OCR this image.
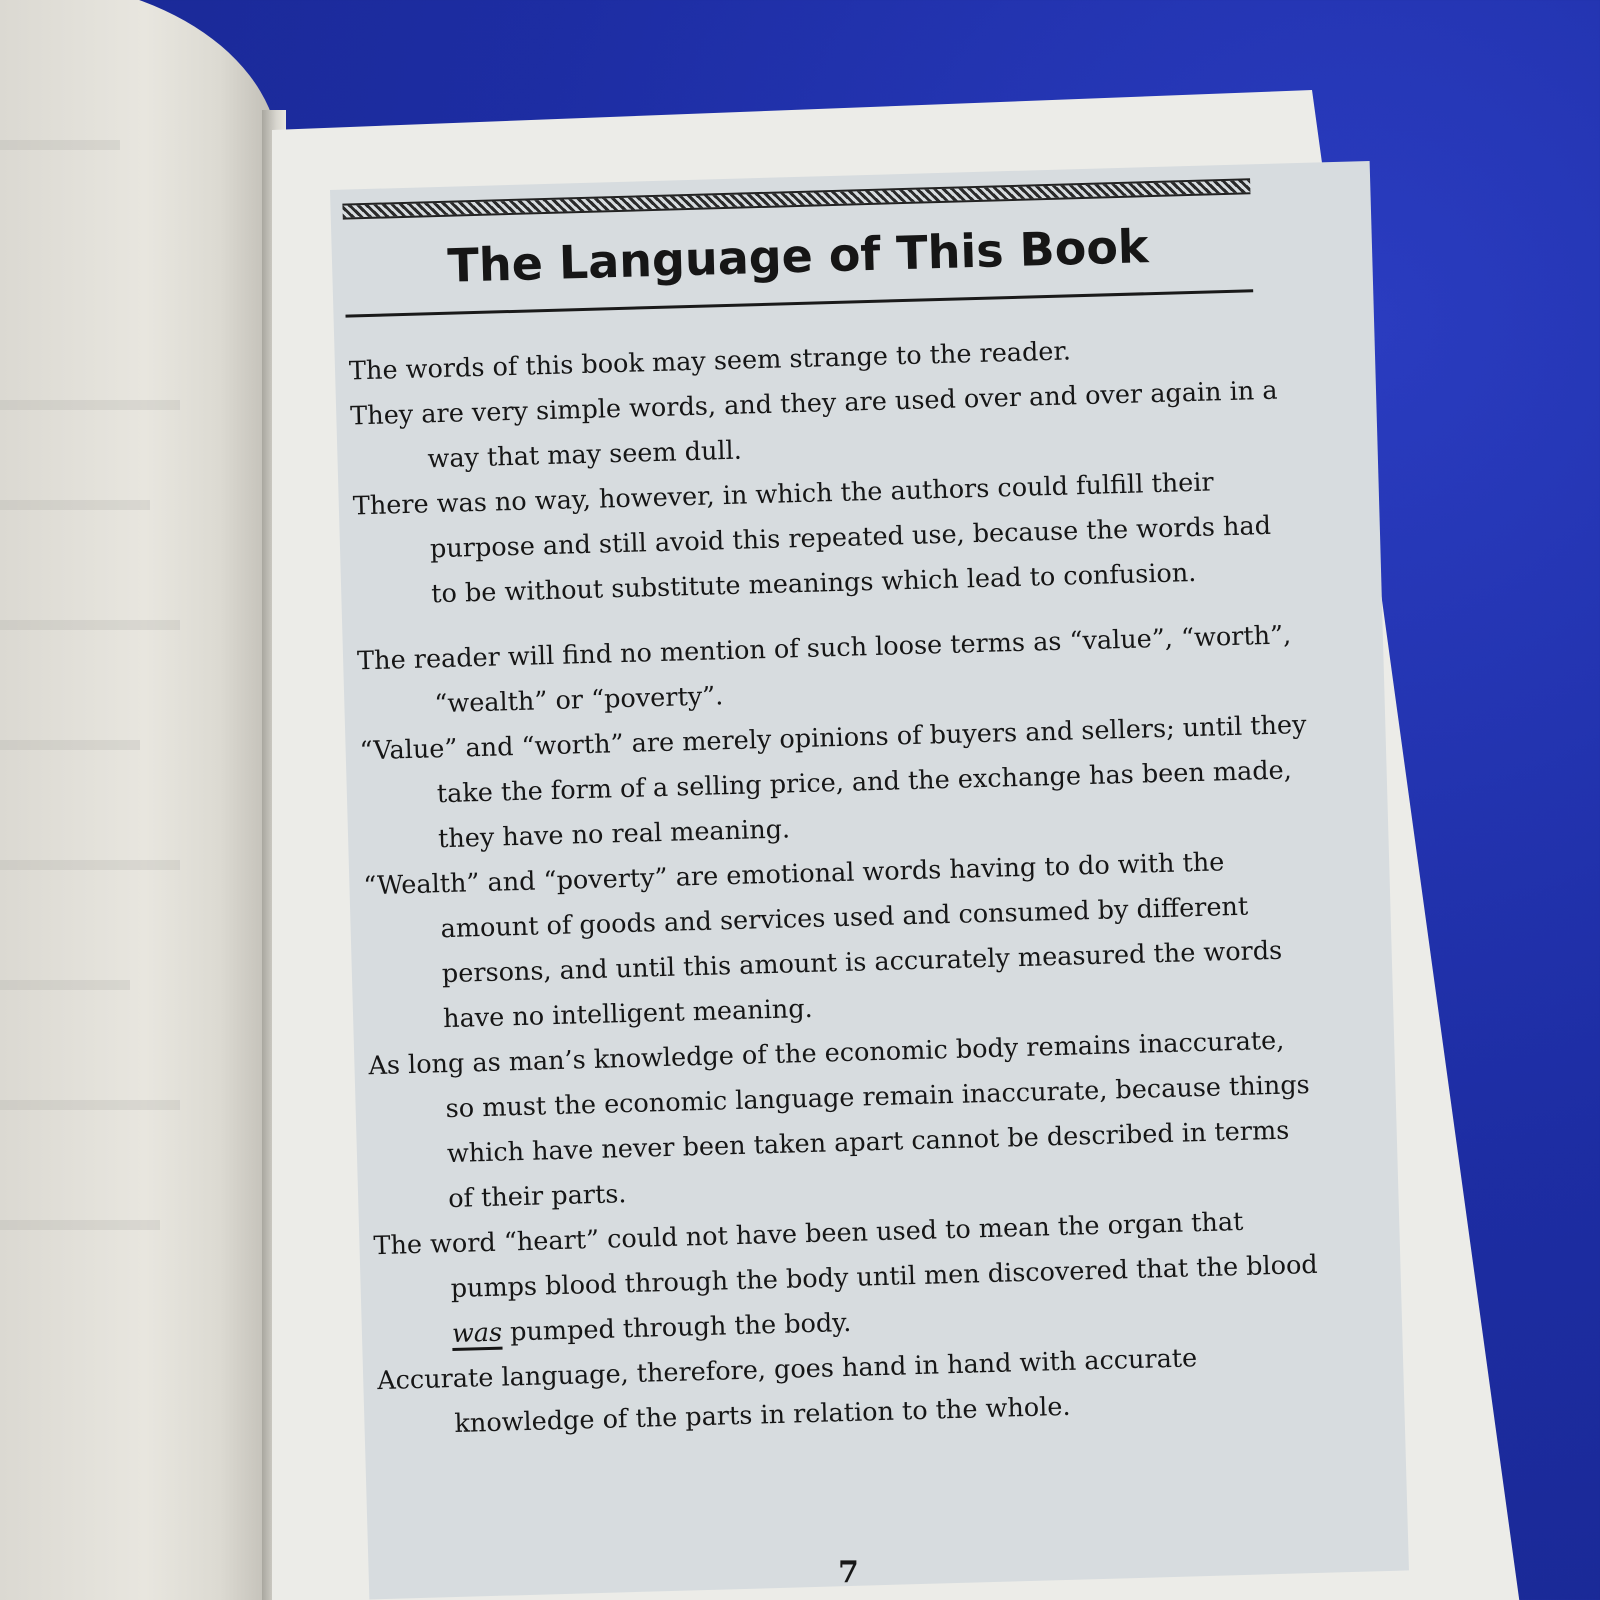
The Language of This Book

The words of this book may seem strange to the reader.

They are very simple words, and they are used over and over again in a way that may seem dull.

There was no way, however, in which the authors could fulfill their purpose and still avoid this repeated use, because the words had to be without substitute meanings which lead to confusion.

The reader will find no mention of such loose terms as “value”, “worth”, “wealth” or “poverty”.

“Value” and “worth” are merely opinions of buyers and sellers; until they take the form of a selling price, and the exchange has been made, they have no real meaning.

“Wealth” and “poverty” are emotional words having to do with the amount of goods and services used and consumed by different persons, and until this amount is accurately measured the words have no intelligent meaning.

As long as man’s knowledge of the economic body remains inaccurate, so must the economic language remain inaccurate, because things which have never been taken apart cannot be described in terms of their parts.

The word “heart” could not have been used to mean the organ that pumps blood through the body until men discovered that the blood was pumped through the body.

Accurate language, therefore, goes hand in hand with accurate knowledge of the parts in relation to the whole.

7
